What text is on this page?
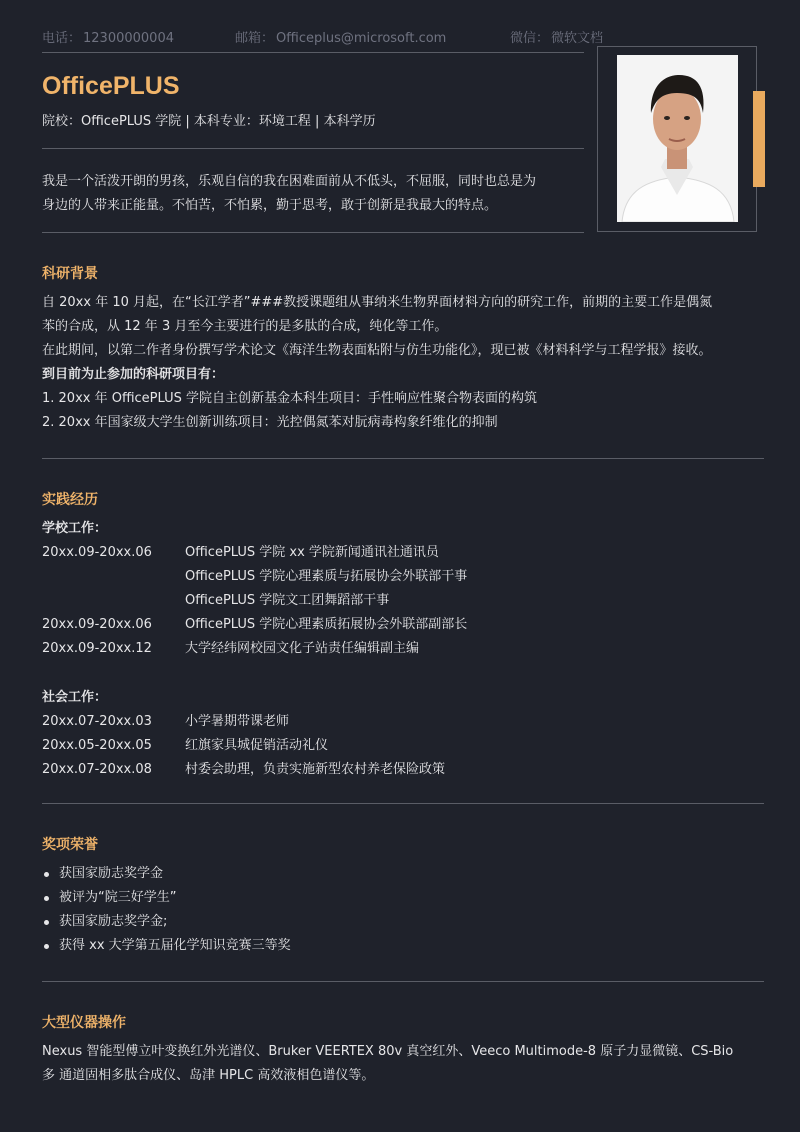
电话： 12300000004	邮箱： Officeplus@microsoft.com	微信： 微软文档
OfficePLUS
院校：OfficePLUS 学院 | 本科专业：环境工程 | 本科学历
我是一个活泼开朗的男孩，乐观自信的我在困难面前从不低头，不屈服，同时也总是为
身边的人带来正能量。不怕苦，不怕累，勤于思考，敢于创新是我最大的特点。
科研背景

自 20xx 年 10 月起，在“长江学者”###教授课题组从事纳米生物界面材料方向的研究工作，前期的主要工作是偶氮

苯的合成，从 12 年 3 月至今主要进行的是多肽的合成，纯化等工作。

在此期间，以第二作者身份撰写学术论文《海洋生物表面粘附与仿生功能化》，现已被《材料科学与工程学报》接收。

到目前为止参加的科研项目有：

1. 20xx 年 OfficePLUS 学院自主创新基金本科生项目：手性响应性聚合物表面的构筑

2. 20xx 年国家级大学生创新训练项目：光控偶氮苯对朊病毒构象纤维化的抑制

实践经历
学校工作：
20xx.09-20xx.06	OfficePLUS 学院 xx 学院新闻通讯社通讯员
OfficePLUS 学院心理素质与拓展协会外联部干事
OfficePLUS 学院文工团舞蹈部干事
20xx.09-20xx.06	OfficePLUS 学院心理素质拓展协会外联部副部长
20xx.09-20xx.12	大学经纬网校园文化子站责任编辑副主编
社会工作：
20xx.07-20xx.03	小学暑期带课老师
20xx.05-20xx.05	红旗家具城促销活动礼仪
20xx.07-20xx.08	村委会助理，负责实施新型农村养老保险政策
奖项荣誉
获国家励志奖学金
被评为“院三好学生”
获国家励志奖学金;
获得 xx 大学第五届化学知识竞赛三等奖
大型仪器操作

Nexus 智能型傅立叶变换红外光谱仪、Bruker VEERTEX 80v 真空红外、Veeco Multimode-8 原子力显微镜、CS-Bio

多 通道固相多肽合成仪、岛津 HPLC 高效液相色谱仪等。
